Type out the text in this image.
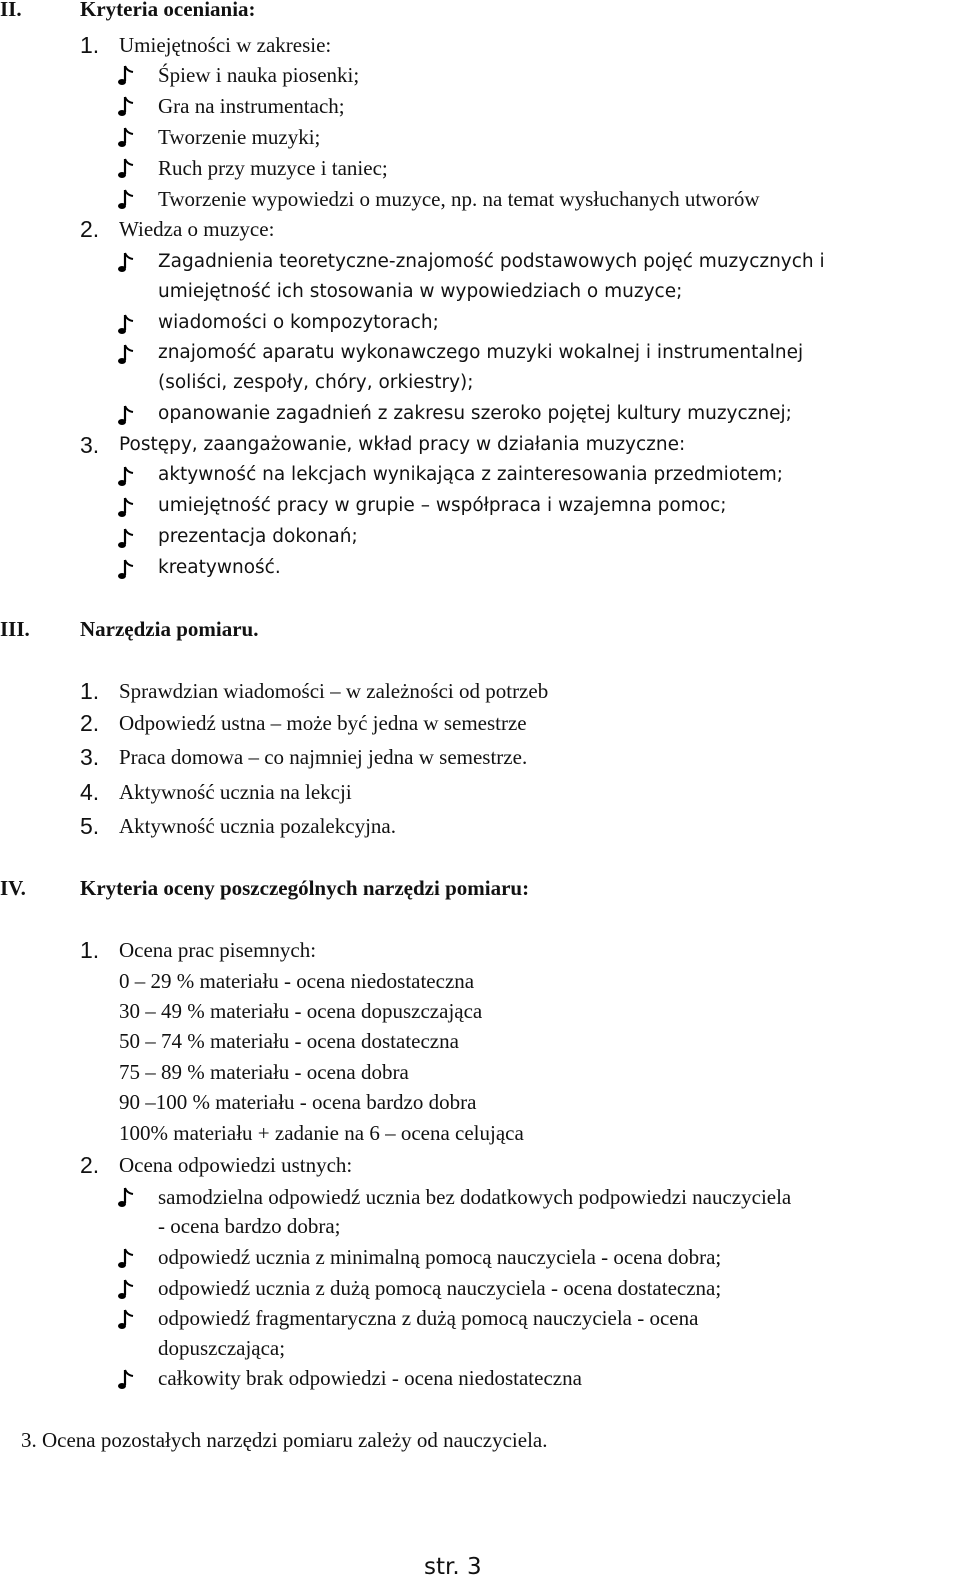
II.	Kryteria oceniania:
1. Umiejętności w zakresie:
Śpiew i nauka piosenki;
Gra na instrumentach;
Tworzenie muzyki;
Ruch przy muzyce i taniec;
Tworzenie wypowiedzi o muzyce, np. na temat wysłuchanych utworów
2. Wiedza o muzyce:
Zagadnienia teoretyczne-znajomość podstawowych pojęć muzycznych i
umiejętność ich stosowania w wypowiedziach o muzyce;
wiadomości o kompozytorach;
znajomość aparatu wykonawczego muzyki wokalnej i instrumentalnej
(soliści, zespoły, chóry, orkiestry);
opanowanie zagadnień z zakresu szeroko pojętej kultury muzycznej;
3. Postępy, zaangażowanie, wkład pracy w działania muzyczne:
aktywność na lekcjach wynikająca z zainteresowania przedmiotem;
umiejętność pracy w grupie – współpraca i wzajemna pomoc;
prezentacja dokonań;
kreatywność.
III. Narzędzia pomiaru.
1. Sprawdzian wiadomości – w zależności od potrzeb
2. Odpowiedź ustna – może być jedna w semestrze
3. Praca domowa – co najmniej jedna w semestrze.
4. Aktywność ucznia na lekcji
5. Aktywność ucznia pozalekcyjna.
IV.	Kryteria oceny poszczególnych narzędzi pomiaru:
1. Ocena prac pisemnych:
0 – 29 % materiału - ocena niedostateczna
30 – 49 % materiału - ocena dopuszczająca
50 – 74 % materiału - ocena dostateczna
75 – 89 % materiału - ocena dobra
90 –100 % materiału - ocena bardzo dobra
100% materiału + zadanie na 6 – ocena celująca
2. Ocena odpowiedzi ustnych:
samodzielna odpowiedź ucznia bez dodatkowych podpowiedzi nauczyciela
- ocena bardzo dobra;
odpowiedź ucznia z minimalną pomocą nauczyciela - ocena dobra;
odpowiedź ucznia z dużą pomocą nauczyciela - ocena dostateczna;
odpowiedź fragmentaryczna z dużą pomocą nauczyciela - ocena
dopuszczająca;
całkowity brak odpowiedzi - ocena niedostateczna
3. Ocena pozostałych narzędzi pomiaru zależy od nauczyciela.
str. 3
